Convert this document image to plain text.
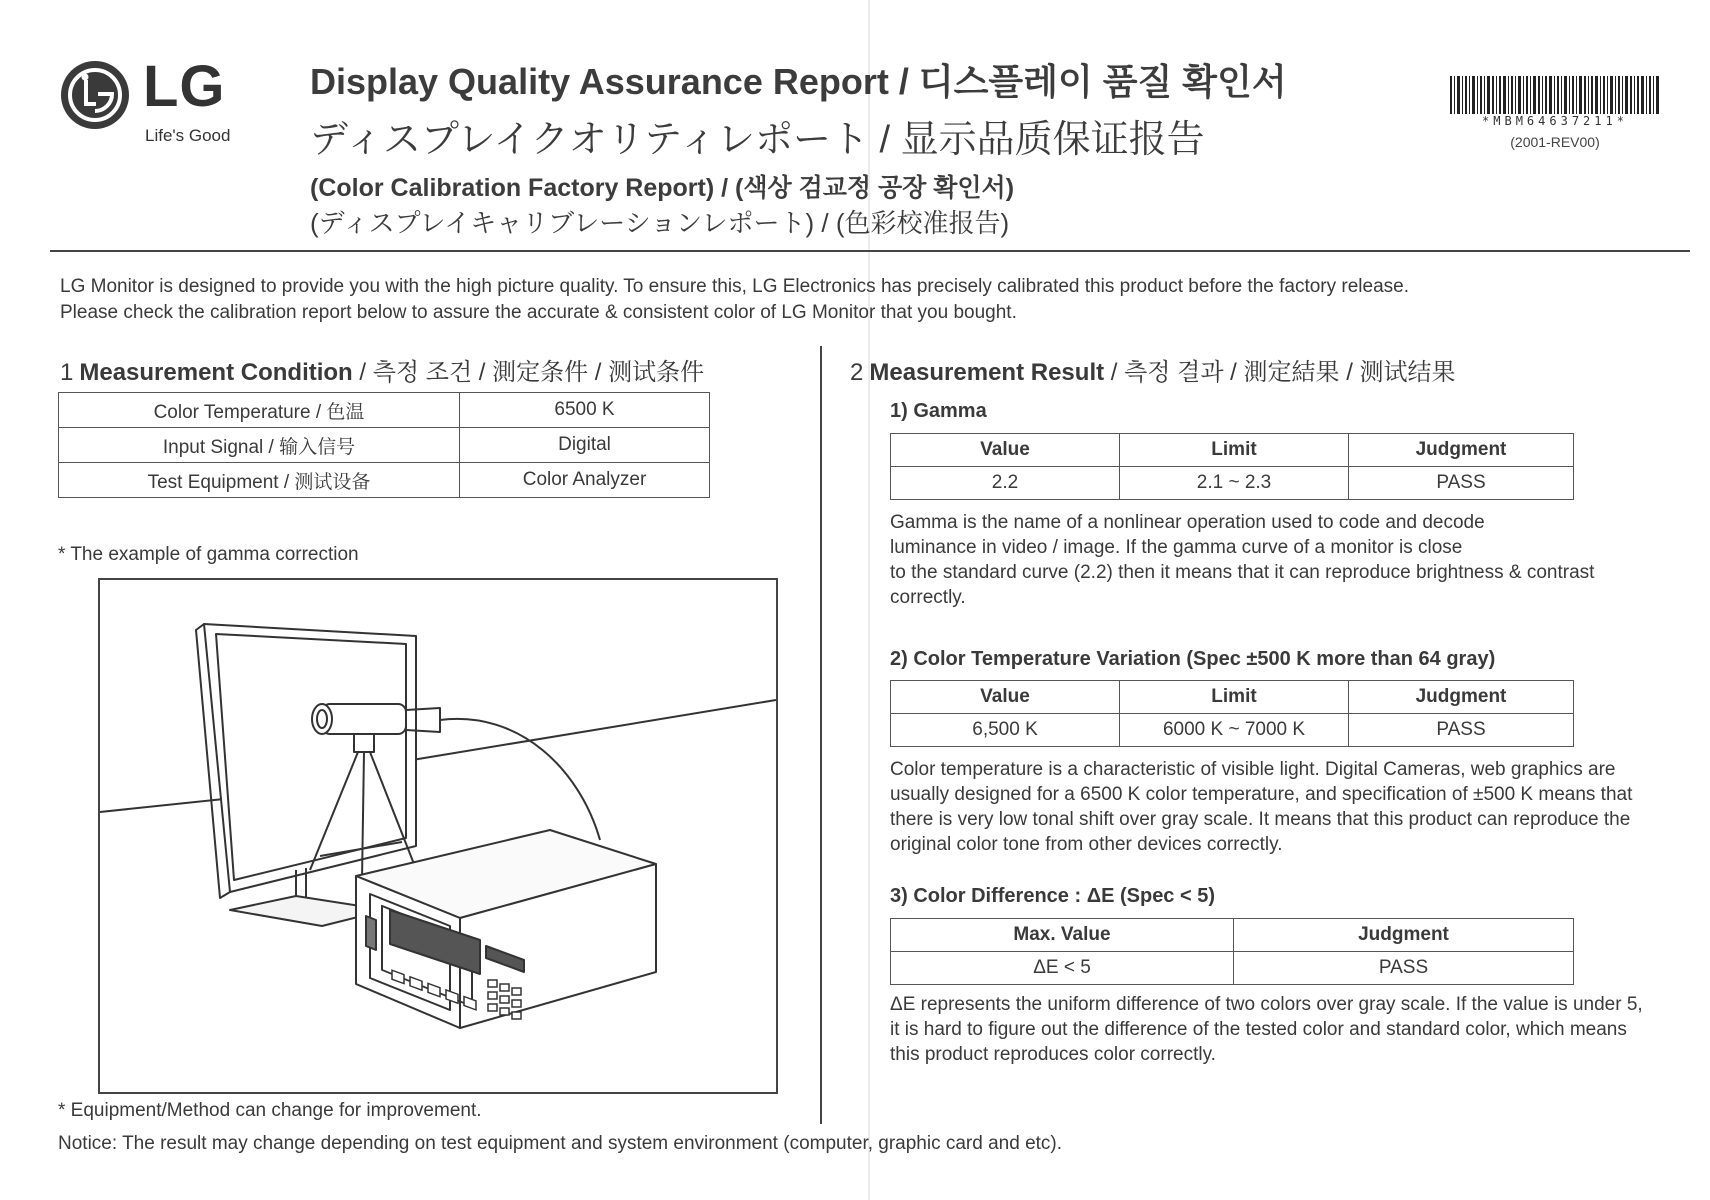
LG
Life's Good
Display Quality Assurance Report / 디스플레이 품질 확인서
ディスプレイクオリティレポート / 显示品质保证报告
(Color Calibration Factory Report) / (색상 검교정 공장 확인서)
(ディスプレイキャリブレーションレポート) / (色彩校准报告)
*MBM64637211*
(2001-REV00)
LG Monitor is designed to provide you with the high picture quality. To ensure this, LG Electronics has precisely calibrated this product before the factory release.
Please check the calibration report below to assure the accurate & consistent color of LG Monitor that you bought.
1 Measurement Condition / 측정 조건 / 測定条件 / 测试条件
Color Temperature / 色温	6500 K
Input Signal / 输入信号	Digital
Test Equipment / 测试设备	Color Analyzer
* The example of gamma correction
* Equipment/Method can change for improvement.
Notice: The result may change depending on test equipment and system environment (computer, graphic card and etc).
2 Measurement Result / 측정 결과 / 測定結果 / 测试结果
1) Gamma
Value	Limit	Judgment
2.2	2.1 ~ 2.3	PASS
Gamma is the name of a nonlinear operation used to code and decode
luminance in video / image. If the gamma curve of a monitor is close
to the standard curve (2.2) then it means that it can reproduce brightness & contrast
correctly.
2) Color Temperature Variation (Spec ±500 K more than 64 gray)
Value	Limit	Judgment
6,500 K	6000 K ~ 7000 K	PASS
Color temperature is a characteristic of visible light. Digital Cameras, web graphics are
usually designed for a 6500 K color temperature, and specification of ±500 K means that
there is very low tonal shift over gray scale. It means that this product can reproduce the
original color tone from other devices correctly.
3) Color Difference : ΔE (Spec < 5)
Max. Value	Judgment
ΔE < 5	PASS
ΔE represents the uniform difference of two colors over gray scale. If the value is under 5,
it is hard to figure out the difference of the tested color and standard color, which means
this product reproduces color correctly.
